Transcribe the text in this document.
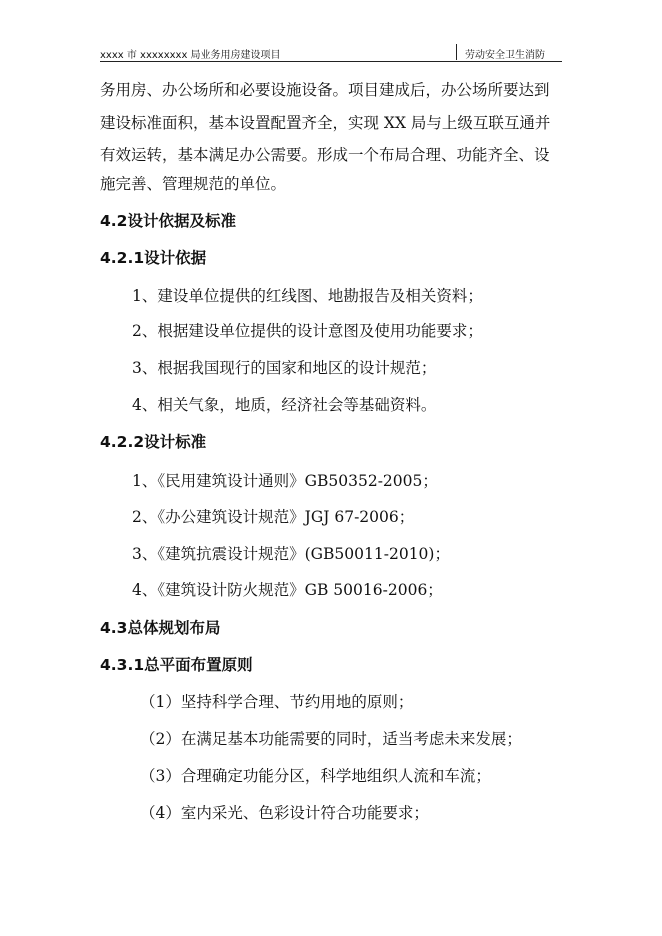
xxxx 市 xxxxxxxx 局业务用房建设项目	劳动安全卫生消防
务用房、办公场所和必要设施设备。项目建成后，办公场所要达到
建设标准面积，基本设置配置齐全，实现 XX 局与上级互联互通并
有效运转，基本满足办公需要。形成一个布局合理、功能齐全、设
施完善、管理规范的单位。
4.2设计依据及标准
4.2.1设计依据
1、建设单位提供的红线图、地勘报告及相关资料；
2、根据建设单位提供的设计意图及使用功能要求；
3、根据我国现行的国家和地区的设计规范；
4、相关气象，地质，经济社会等基础资料。
4.2.2设计标准
1、《民用建筑设计通则》GB50352-2005；
2、《办公建筑设计规范》JGJ 67-2006；
3、《建筑抗震设计规范》(GB50011-2010)；
4、《建筑设计防火规范》GB 50016-2006；
4.3总体规划布局
4.3.1总平面布置原则
（1）坚持科学合理、节约用地的原则；
（2）在满足基本功能需要的同时，适当考虑未来发展；
（3）合理确定功能分区，科学地组织人流和车流；
（4）室内采光、色彩设计符合功能要求；
